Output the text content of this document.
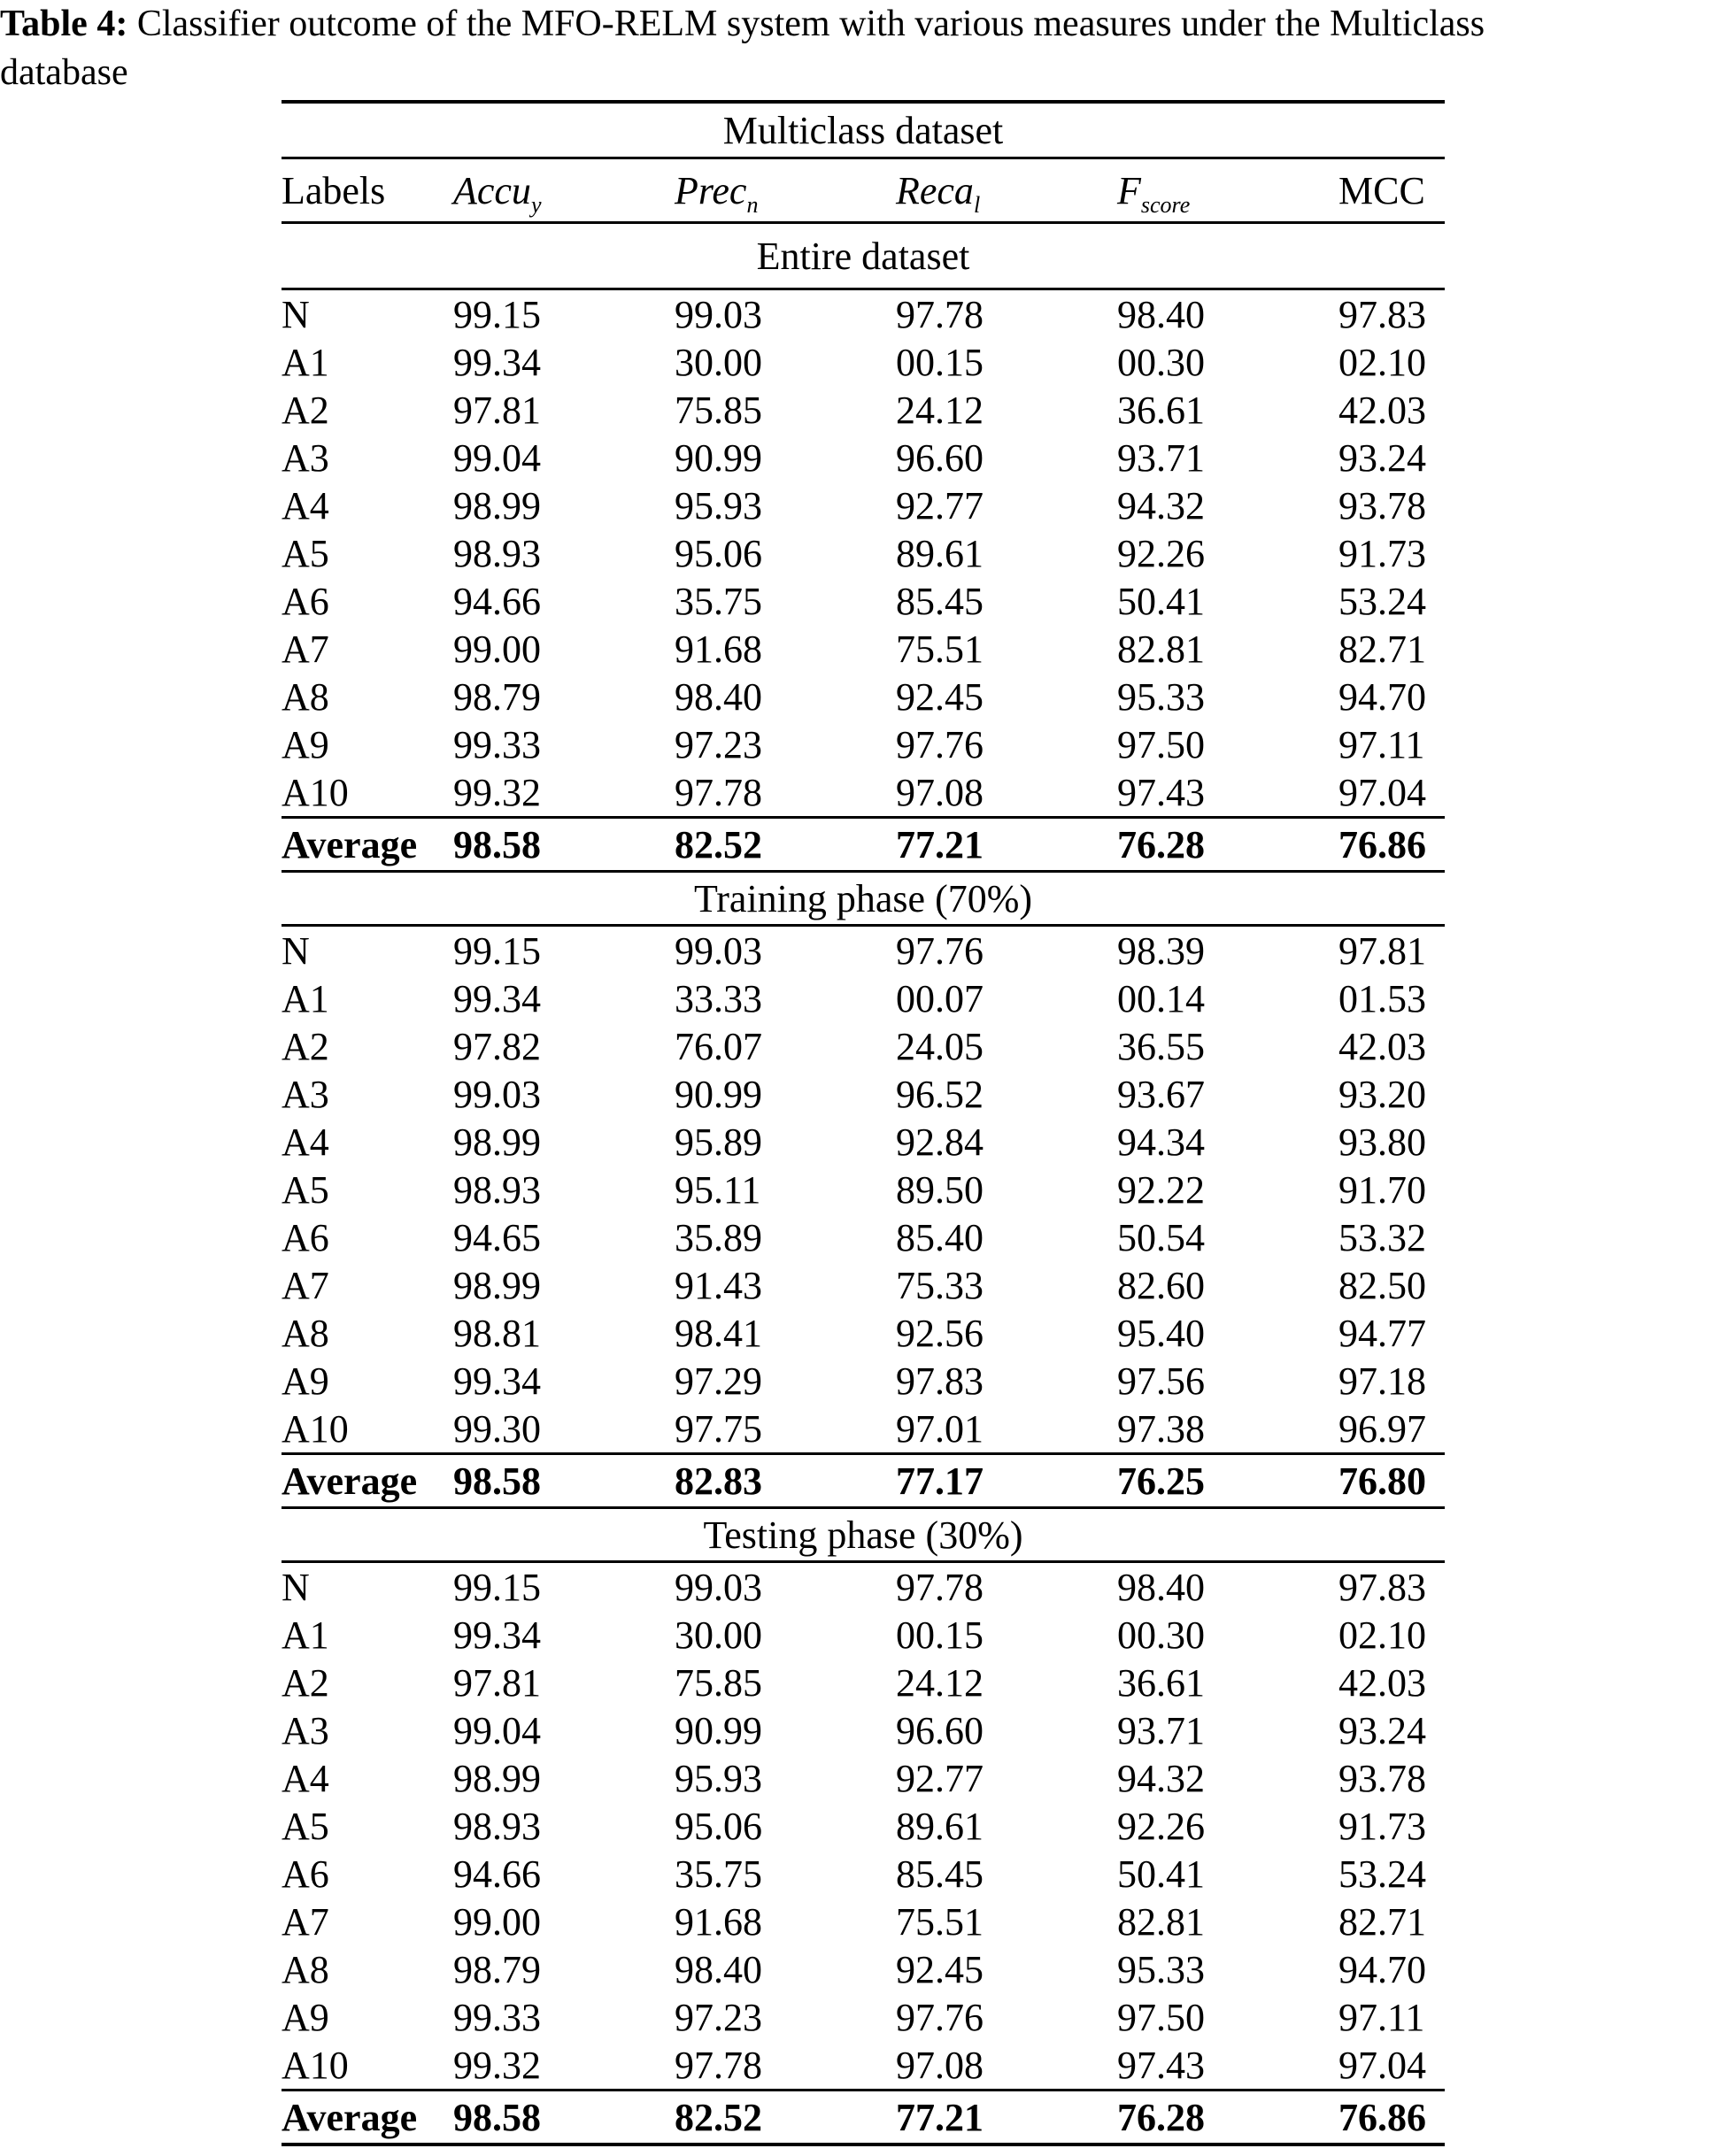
Table 4: Classifier outcome of the MFO-RELM system with various measures under the Multiclass
database

Multiclass dataset					
Labels	Accu$_y$	Prec$_n$	Reca$_l$	$F_{score}$	MCC
Entire dataset					
N	99.15	99.03	97.78	98.40	97.83
A1	99.34	30.00	00.15	00.30	02.10
A2	97.81	75.85	24.12	36.61	42.03
A3	99.04	90.99	96.60	93.71	93.24
A4	98.99	95.93	92.77	94.32	93.78
A5	98.93	95.06	89.61	92.26	91.73
A6	94.66	35.75	85.45	50.41	53.24
A7	99.00	91.68	75.51	82.81	82.71
A8	98.79	98.40	92.45	95.33	94.70
A9	99.33	97.23	97.76	97.50	97.11
A10	99.32	97.78	97.08	97.43	97.04
Average	98.58	82.52	77.21	76.28	76.86
Training phase (70%)					
N	99.15	99.03	97.76	98.39	97.81
A1	99.34	33.33	00.07	00.14	01.53
A2	97.82	76.07	24.05	36.55	42.03
A3	99.03	90.99	96.52	93.67	93.20
A4	98.99	95.89	92.84	94.34	93.80
A5	98.93	95.11	89.50	92.22	91.70
A6	94.65	35.89	85.40	50.54	53.32
A7	98.99	91.43	75.33	82.60	82.50
A8	98.81	98.41	92.56	95.40	94.77
A9	99.34	97.29	97.83	97.56	97.18
A10	99.30	97.75	97.01	97.38	96.97
Average	98.58	82.83	77.17	76.25	76.80
Testing phase (30%)					
N	99.15	99.03	97.78	98.40	97.83
A1	99.34	30.00	00.15	00.30	02.10
A2	97.81	75.85	24.12	36.61	42.03
A3	99.04	90.99	96.60	93.71	93.24
A4	98.99	95.93	92.77	94.32	93.78
A5	98.93	95.06	89.61	92.26	91.73
A6	94.66	35.75	85.45	50.41	53.24
A7	99.00	91.68	75.51	82.81	82.71
A8	98.79	98.40	92.45	95.33	94.70
A9	99.33	97.23	97.76	97.50	97.11
A10	99.32	97.78	97.08	97.43	97.04
Average	98.58	82.52	77.21	76.28	76.86
